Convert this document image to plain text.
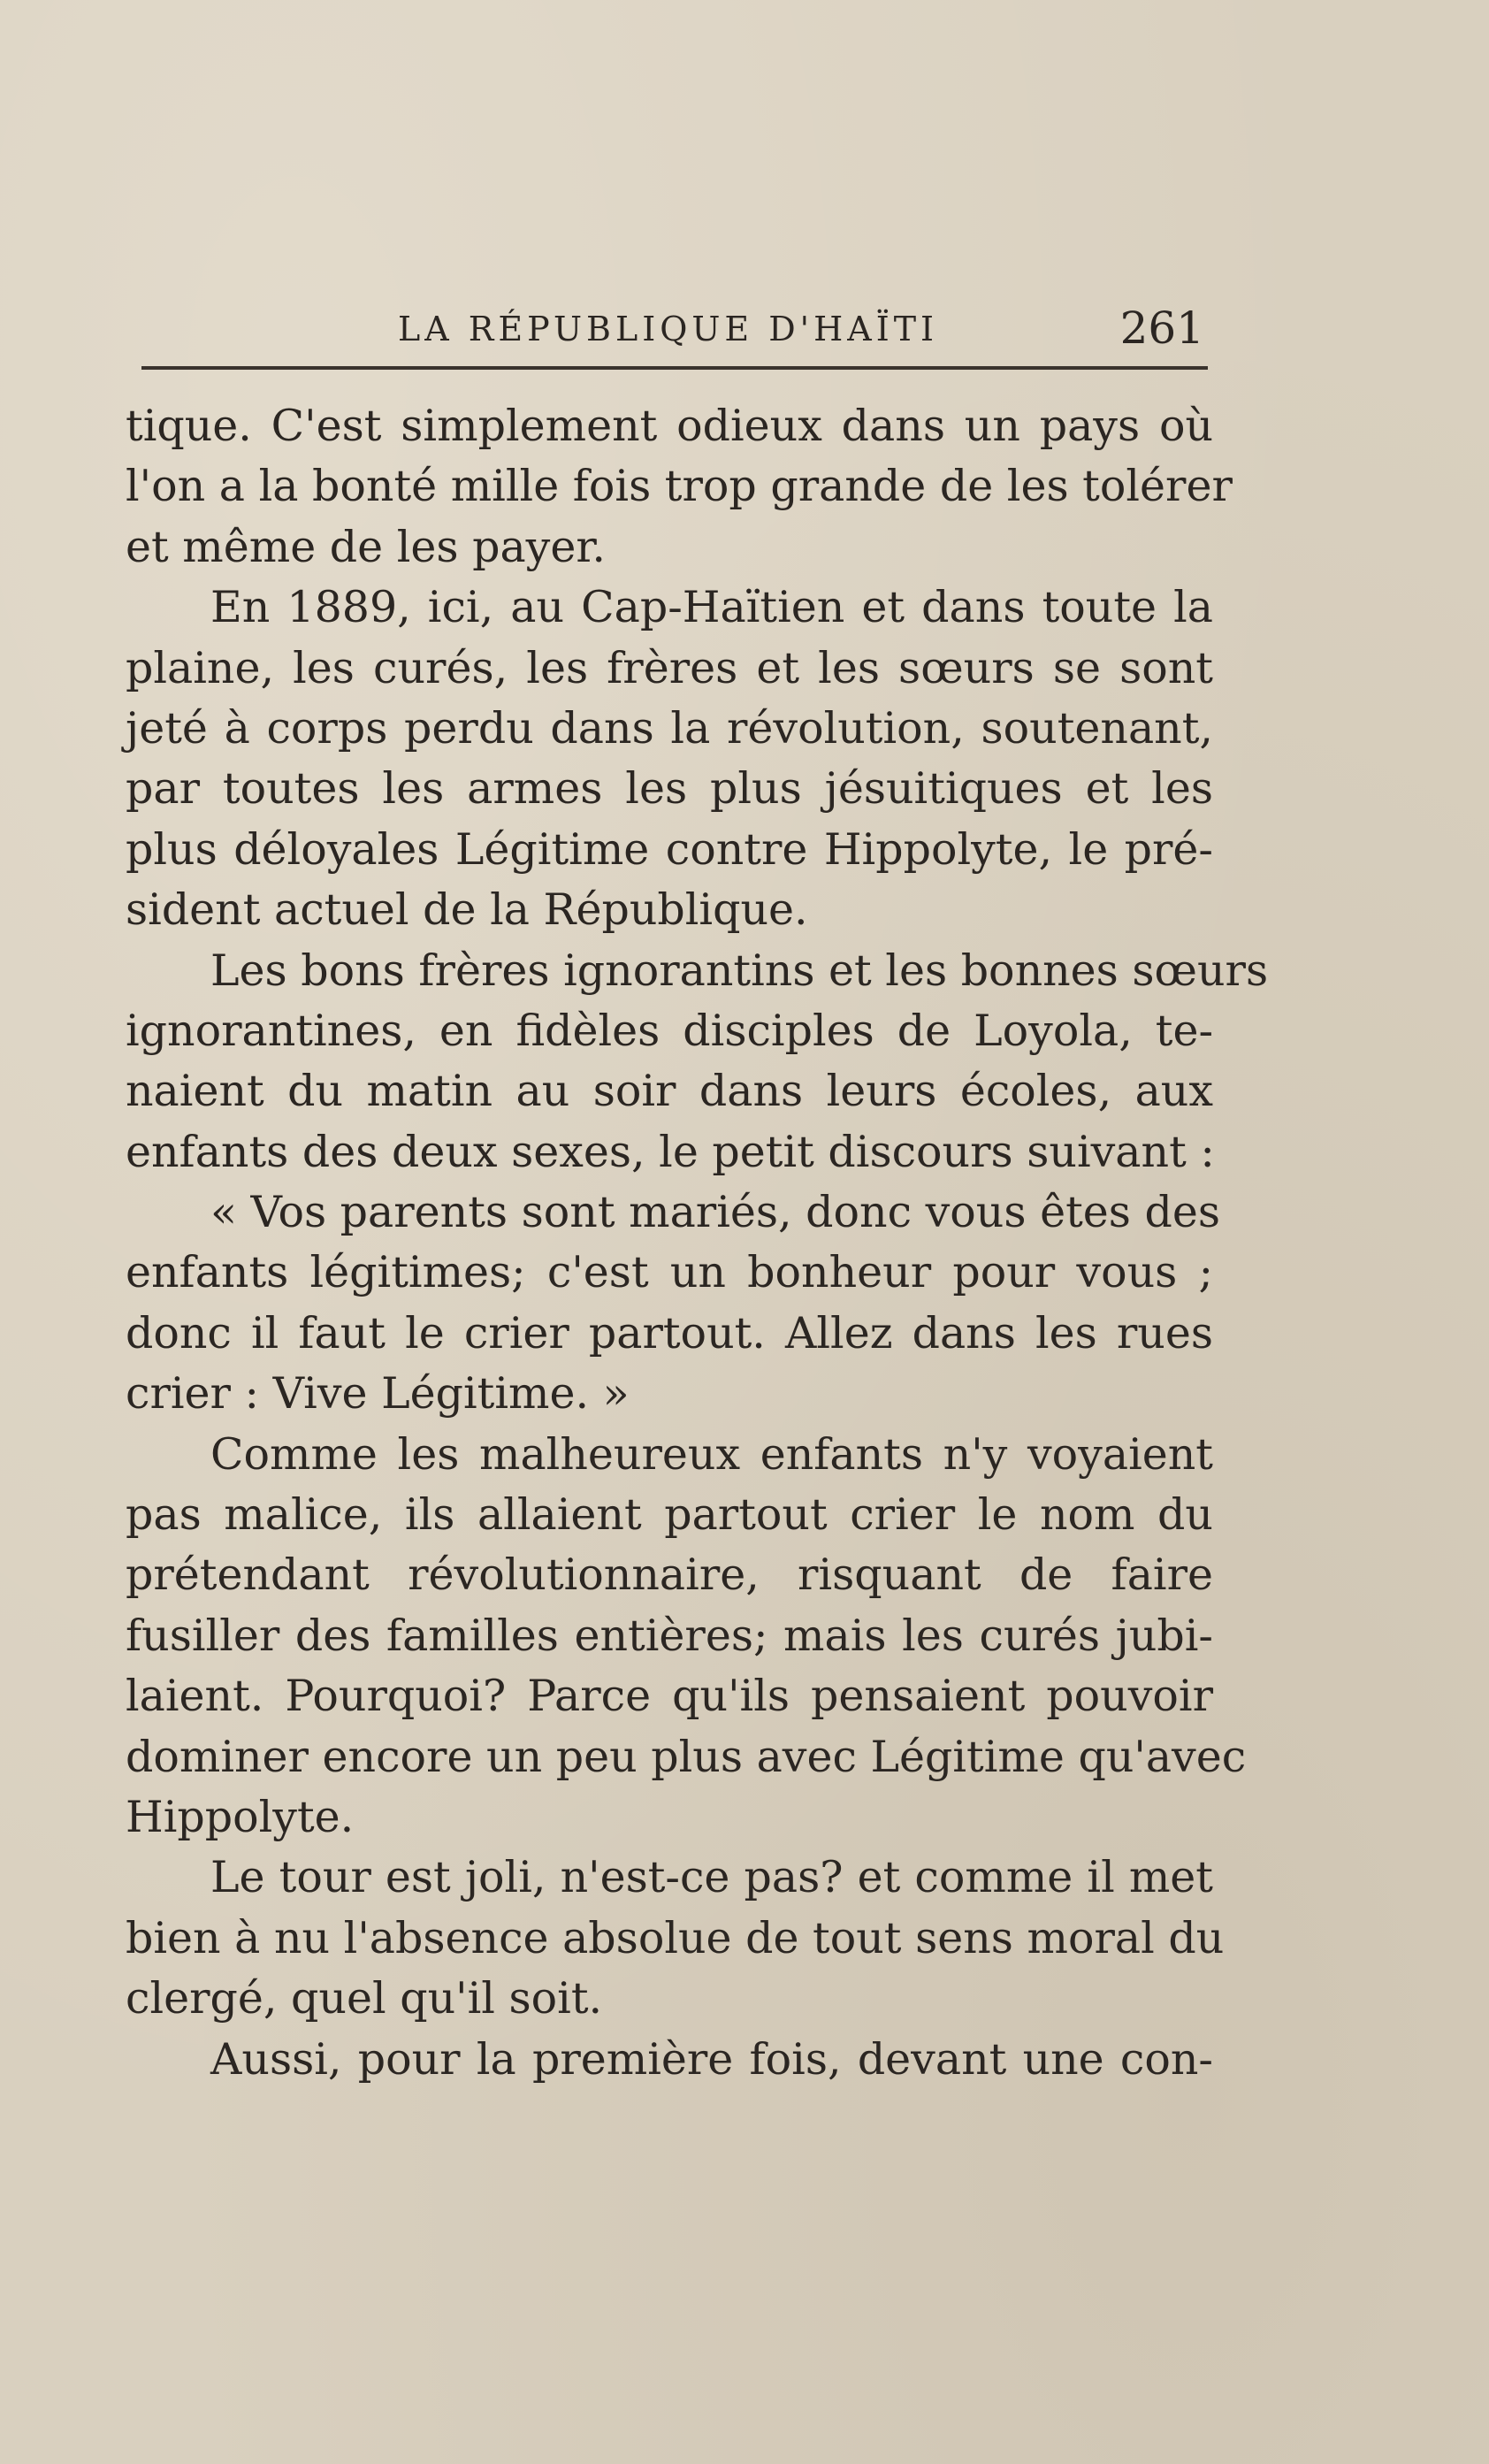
LA RÉPUBLIQUE D'HAÏTI	261
tique. C'est simplement odieux dans un pays où
l'on a la bonté mille fois trop grande de les tolérer
et même de les payer.
En 1889, ici, au Cap-Haïtien et dans toute la
plaine, les curés, les frères et les sœurs se sont
jeté à corps perdu dans la révolution, soutenant,
par toutes les armes les plus jésuitiques et les
plus déloyales Légitime contre Hippolyte, le pré-
sident actuel de la République.
Les bons frères ignorantins et les bonnes sœurs
ignorantines, en fidèles disciples de Loyola, te-
naient du matin au soir dans leurs écoles, aux
enfants des deux sexes, le petit discours suivant :
« Vos parents sont mariés, donc vous êtes des
enfants légitimes; c'est un bonheur pour vous ;
donc il faut le crier partout. Allez dans les rues
crier : Vive Légitime. »
Comme les malheureux enfants n'y voyaient
pas malice, ils allaient partout crier le nom du
prétendant révolutionnaire, risquant de faire
fusiller des familles entières; mais les curés jubi-
laient. Pourquoi? Parce qu'ils pensaient pouvoir
dominer encore un peu plus avec Légitime qu'avec
Hippolyte.
Le tour est joli, n'est-ce pas? et comme il met
bien à nu l'absence absolue de tout sens moral du
clergé, quel qu'il soit.
Aussi, pour la première fois, devant une con-
